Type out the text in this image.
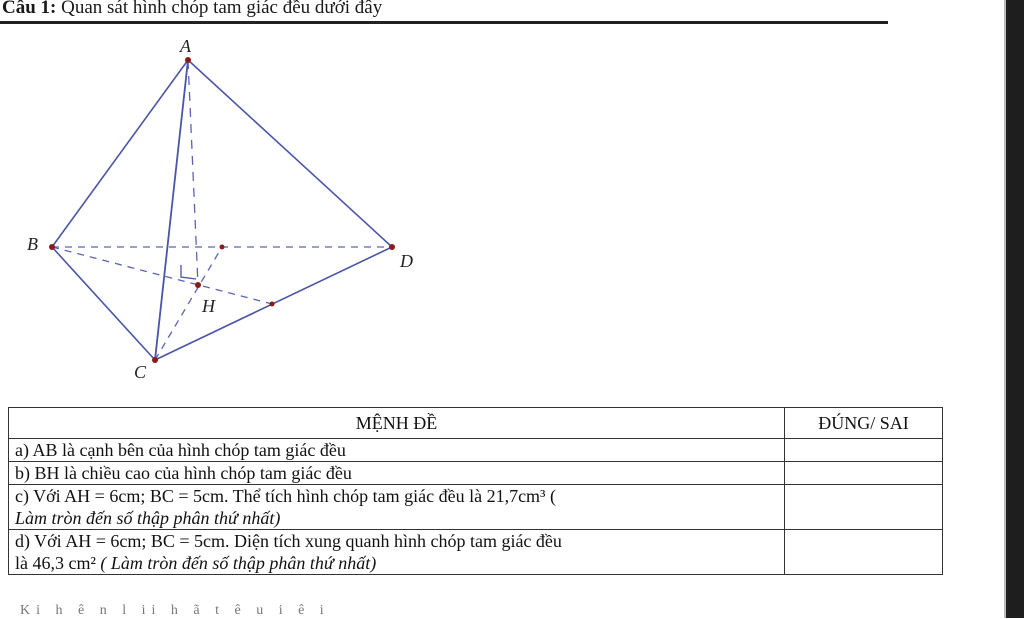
Câu 1: Quan sát hình chóp tam giác đều dưới đây
A
B
C
D
H
MỆNH ĐỀ	ĐÚNG/ SAI
a) AB là cạnh bên của hình chóp tam giác đều	
b) BH là chiều cao của hình chóp tam giác đều	
c) Với AH = 6cm; BC = 5cm. Thể tích hình chóp tam giác đều là 21,7cm³ (
Làm tròn đến số thập phân thứ nhất)	
d) Với AH = 6cm; BC = 5cm. Diện tích xung quanh hình chóp tam giác đều
là 46,3 cm² ( Làm tròn đến số thập phân thứ nhất)	
Ki h ê n l ii h ã t ê u i ê i
